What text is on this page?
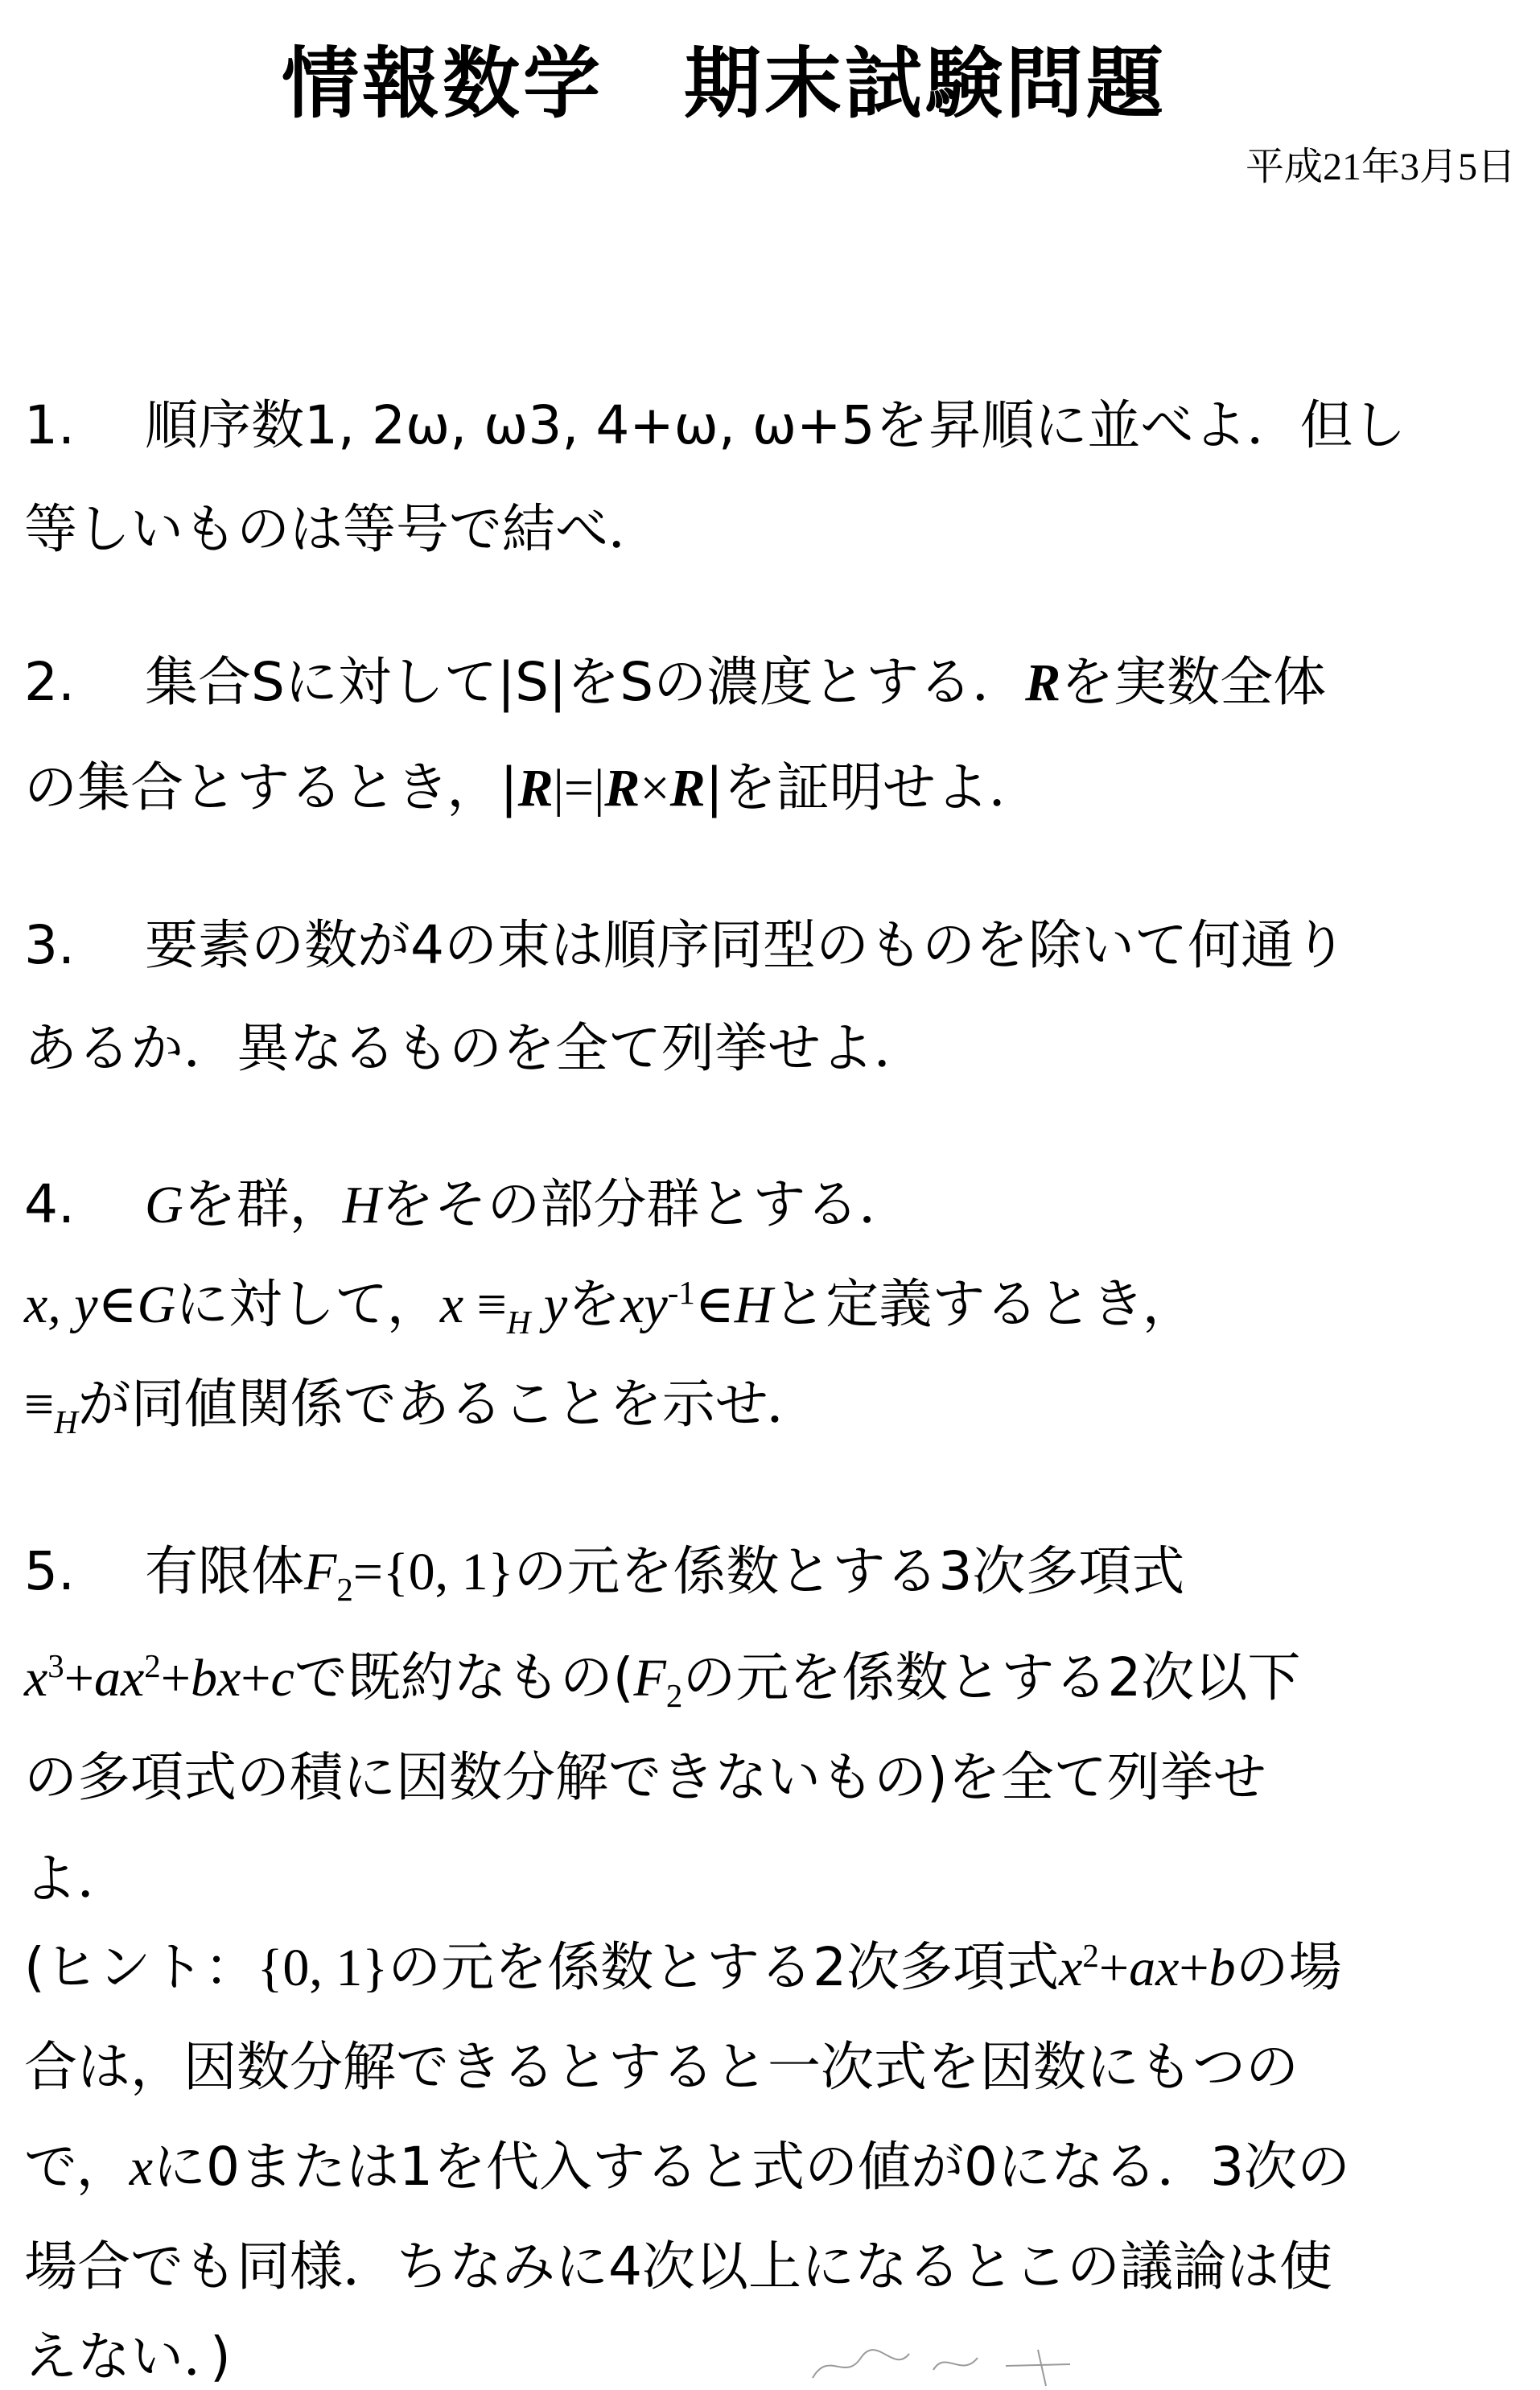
情報数学　期末試験問題
平成21年3月5日
1. 順序数1, 2ω, ω3, 4+ω, ω+5を昇順に並べよ．但し
等しいものは等号で結べ．
2. 集合Sに対して|S|をSの濃度とする．Rを実数全体
の集合とするとき，|R|=|R×R|を証明せよ．
3. 要素の数が4の束は順序同型のものを除いて何通り
あるか．異なるものを全て列挙せよ．
4. Gを群，Hをその部分群とする．
x, y∈Gに対して，$x \equiv_H$ yを$xy^{-1}\in H$と定義するとき，
$\equiv_H$が同値関係であることを示せ．
5. 有限体$F_2=\{0$, 1}の元を係数とする3次多項式
$x^3+ax^2+bx+c$で既約なもの($F_2$の元を係数とする2次以下
の多項式の積に因数分解できないもの)を全て列挙せ
よ．
(ヒント：{0, 1}の元を係数とする2次多項式$x^2+ax+b$の場
合は，因数分解できるとすると一次式を因数にもつの
で，xに0または1を代入すると式の値が0になる．3次の
場合でも同様．ちなみに4次以上になるとこの議論は使
えない．)
